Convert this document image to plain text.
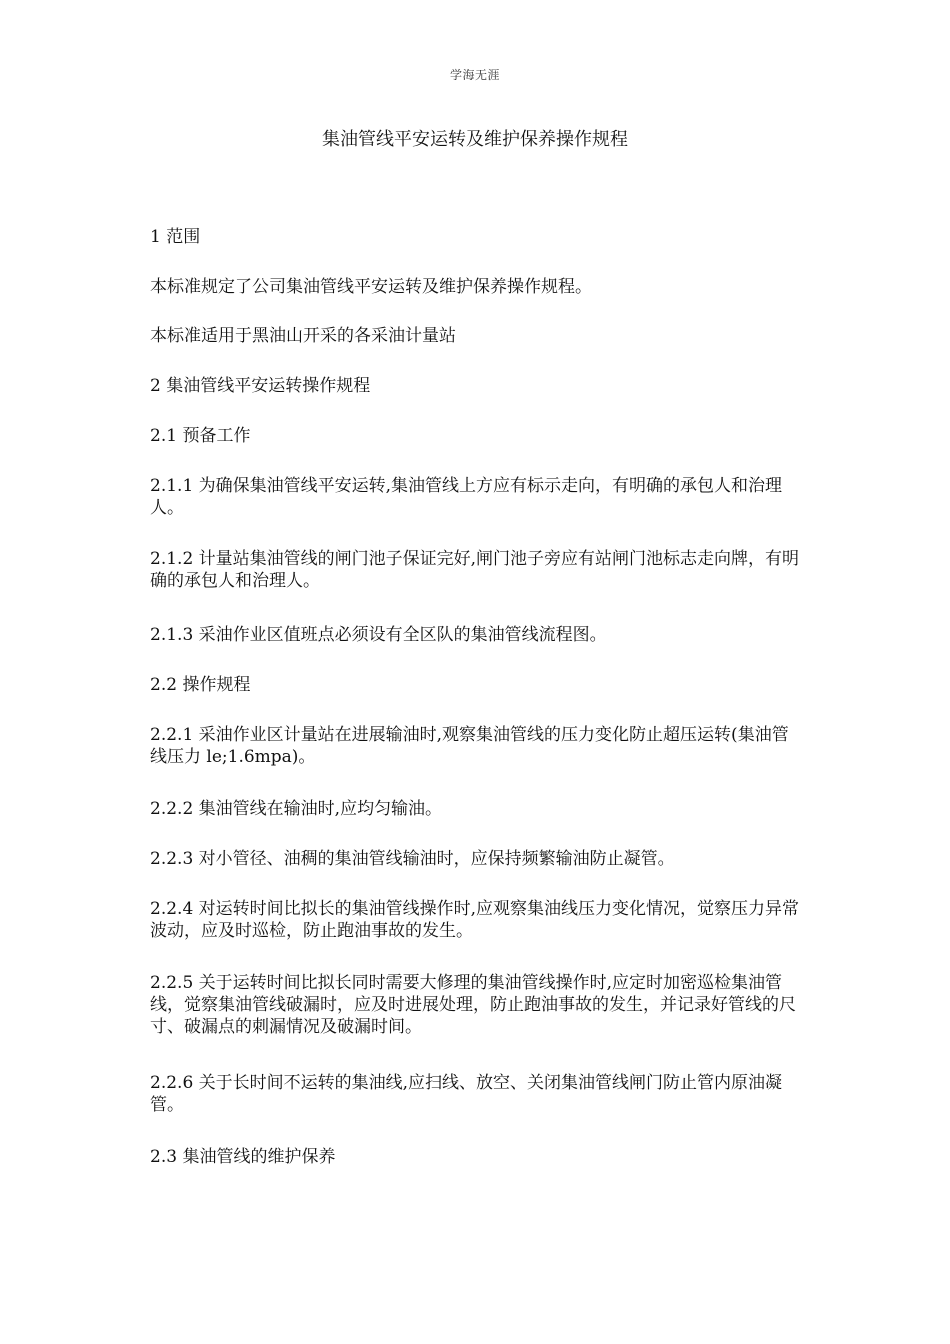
学海无涯
集油管线平安运转及维护保养操作规程

1 范围

本标准规定了公司集油管线平安运转及维护保养操作规程。

本标准适用于黑油山开采的各采油计量站

2 集油管线平安运转操作规程

2.1 预备工作

2.1.1 为确保集油管线平安运转,集油管线上方应有标示走向，有明确的承包人和治理人。

2.1.2 计量站集油管线的闸门池子保证完好,闸门池子旁应有站闸门池标志走向牌，有明确的承包人和治理人。

2.1.3 采油作业区值班点必须设有全区队的集油管线流程图。

2.2 操作规程

2.2.1 采油作业区计量站在进展输油时,观察集油管线的压力变化防止超压运转(集油管线压力 le;1.6mpa)。

2.2.2 集油管线在输油时,应均匀输油。

2.2.3 对小管径、油稠的集油管线输油时，应保持频繁输油防止凝管。

2.2.4 对运转时间比拟长的集油管线操作时,应观察集油线压力变化情况，觉察压力异常波动，应及时巡检，防止跑油事故的发生。

2.2.5 关于运转时间比拟长同时需要大修理的集油管线操作时,应定时加密巡检集油管线，觉察集油管线破漏时，应及时进展处理，防止跑油事故的发生，并记录好管线的尺寸、破漏点的刺漏情况及破漏时间。

2.2.6 关于长时间不运转的集油线,应扫线、放空、关闭集油管线闸门防止管内原油凝管。

2.3 集油管线的维护保养
